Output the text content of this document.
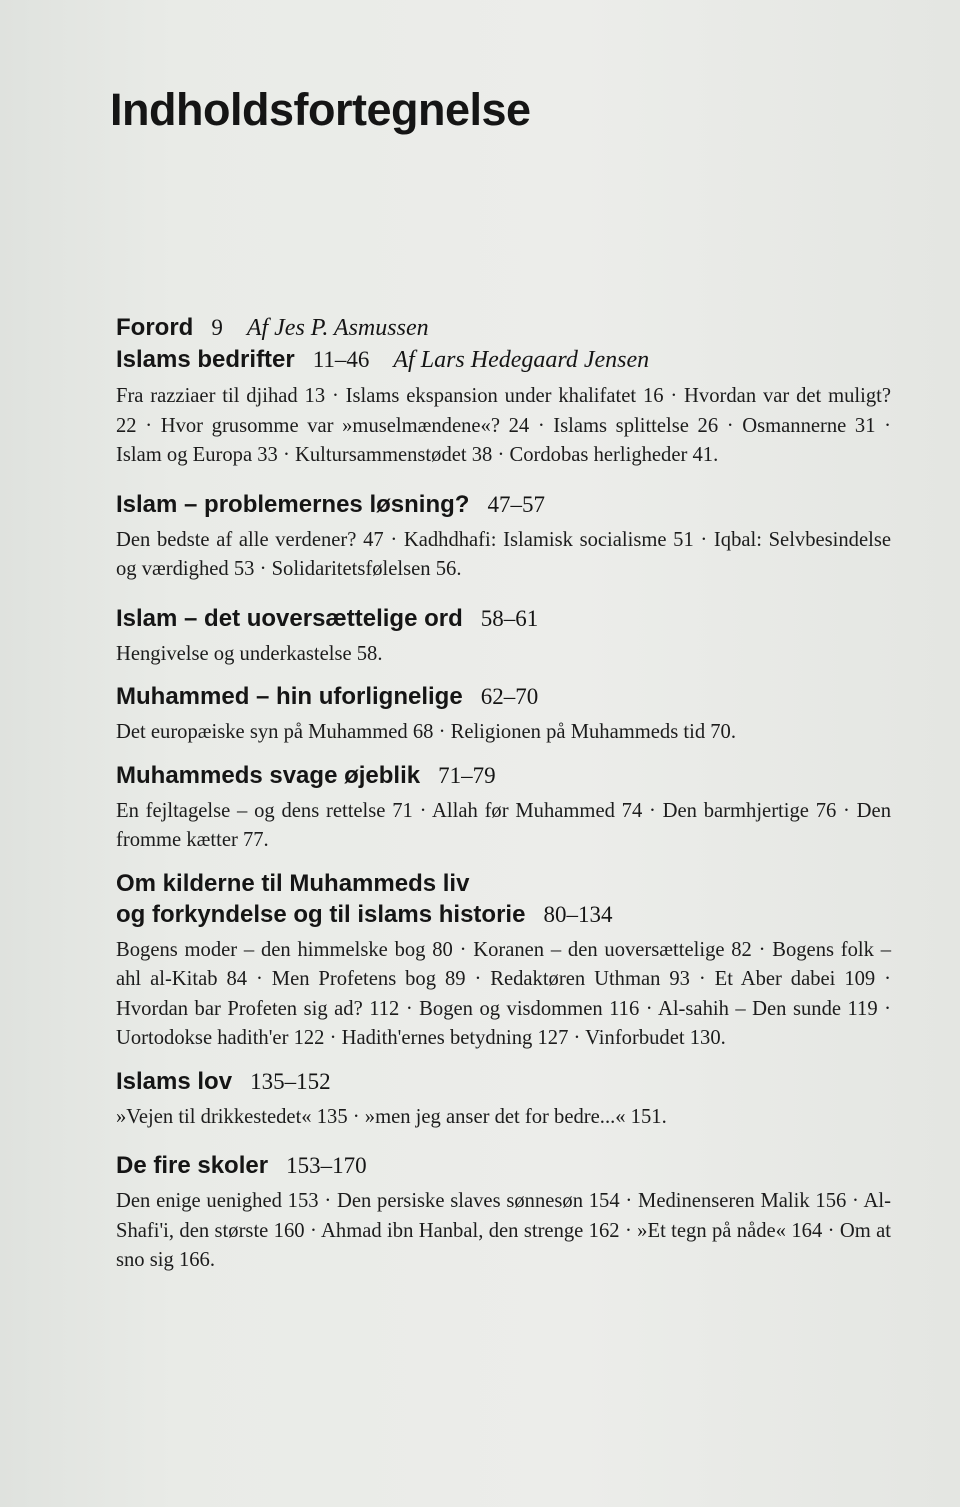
Indholdsfortegnelse
Forord 9 Af Jes P. Asmussen
Islams bedrifter 11–46 Af Lars Hedegaard Jensen
Fra razziaer til djihad 13 · Islams ekspansion under khalifatet 16 · Hvordan var det muligt? 22 · Hvor grusomme var »muselmændene«? 24 · Islams splittelse 26 · Osmannerne 31 · Islam og Europa 33 · Kultursammenstødet 38 · Cordobas herligheder 41.
Islam – problemernes løsning? 47–57
Den bedste af alle verdener? 47 · Kadhdhafi: Islamisk socialisme 51 · Iqbal: Selvbesindelse og værdighed 53 · Solidaritetsfølelsen 56.
Islam – det uoversættelige ord 58–61
Hengivelse og underkastelse 58.
Muhammed – hin uforlignelige 62–70
Det europæiske syn på Muhammed 68 · Religionen på Muhammeds tid 70.
Muhammeds svage øjeblik 71–79
En fejltagelse – og dens rettelse 71 · Allah før Muhammed 74 · Den barmhjertige 76 · Den fromme kætter 77.
Om kilderne til Muhammeds liv
og forkyndelse og til islams historie 80–134
Bogens moder – den himmelske bog 80 · Koranen – den uoversættelige 82 · Bogens folk – ahl al-Kitab 84 · Men Profetens bog 89 · Redaktøren Uthman 93 · Et Aber dabei 109 · Hvordan bar Profeten sig ad? 112 · Bogen og visdommen 116 · Al-sahih – Den sunde 119 · Uortodokse hadith'er 122 · Hadith'ernes betydning 127 · Vinforbudet 130.
Islams lov 135–152
»Vejen til drikkestedet« 135 · »men jeg anser det for bedre...« 151.
De fire skoler 153–170
Den enige uenighed 153 · Den persiske slaves sønnesøn 154 · Medinenseren Malik 156 · Al-Shafi'i, den største 160 · Ahmad ibn Hanbal, den strenge 162 · »Et tegn på nåde« 164 · Om at sno sig 166.
